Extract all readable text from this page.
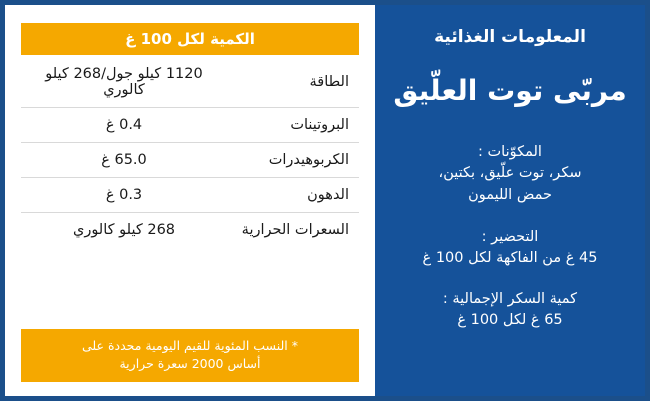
المعلومات الغذائية
مربّى توت العلّيق
المكوّنات :
سكر، توت علّيق، بكتين،
حمض الليمون
التحضير :
45 غ من الفاكهة لكل 100 غ
كمية السكر الإجمالية :
65 غ لكل 100 غ
الكمية لكل 100 غ
الطاقة
1120 كيلو جول/268 كيلو كالوري
البروتينات
0.4 غ
الكربوهيدرات
65.0 غ
الدهون
0.3 غ
السعرات الحرارية
268 كيلو كالوري
* النسب المئوية للقيم اليومية محددة على
أساس 2000 سعرة حرارية
